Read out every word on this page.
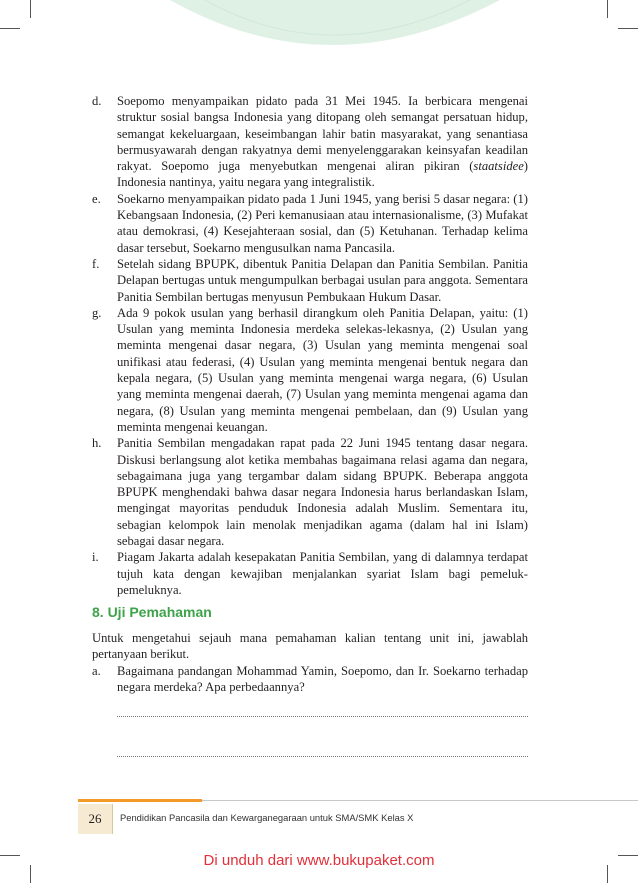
d. Soepomo menyampaikan pidato pada 31 Mei 1945. Ia berbicara mengenai struktur sosial bangsa Indonesia yang ditopang oleh semangat persatuan hidup, semangat kekeluargaan, keseimbangan lahir batin masyarakat, yang senantiasa bermusyawarah dengan rakyatnya demi menyelenggarakan keinsyafan keadilan rakyat. Soepomo juga menyebutkan mengenai aliran pikiran (staatsidee) Indonesia nantinya, yaitu negara yang integralistik.
e. Soekarno menyampaikan pidato pada 1 Juni 1945, yang berisi 5 dasar negara: (1) Kebangsaan Indonesia, (2) Peri kemanusiaan atau internasionalisme, (3) Mufakat atau demokrasi, (4) Kesejahteraan sosial, dan (5) Ketuhanan. Terhadap kelima dasar tersebut, Soekarno mengusulkan nama Pancasila.
f. Setelah sidang BPUPK, dibentuk Panitia Delapan dan Panitia Sembilan. Panitia Delapan bertugas untuk mengumpulkan berbagai usulan para anggota. Sementara Panitia Sembilan bertugas menyusun Pembukaan Hukum Dasar.
g. Ada 9 pokok usulan yang berhasil dirangkum oleh Panitia Delapan, yaitu: (1) Usulan yang meminta Indonesia merdeka selekas-lekasnya, (2) Usulan yang meminta mengenai dasar negara, (3) Usulan yang meminta mengenai soal unifikasi atau federasi, (4) Usulan yang meminta mengenai bentuk negara dan kepala negara, (5) Usulan yang meminta mengenai warga negara, (6) Usulan yang meminta mengenai daerah, (7) Usulan yang meminta mengenai agama dan negara, (8) Usulan yang meminta mengenai pembelaan, dan (9) Usulan yang meminta mengenai keuangan.
h. Panitia Sembilan mengadakan rapat pada 22 Juni 1945 tentang dasar negara. Diskusi berlangsung alot ketika membahas bagaimana relasi agama dan negara, sebagaimana juga yang tergambar dalam sidang BPUPK. Beberapa anggota BPUPK menghendaki bahwa dasar negara Indonesia harus berlandaskan Islam, mengingat mayoritas penduduk Indonesia adalah Muslim. Sementara itu, sebagian kelompok lain menolak menjadikan agama (dalam hal ini Islam) sebagai dasar negara.
i. Piagam Jakarta adalah kesepakatan Panitia Sembilan, yang di dalamnya terdapat tujuh kata dengan kewajiban menjalankan syariat Islam bagi pemeluk- pemeluknya.
8. Uji Pemahaman
Untuk mengetahui sejauh mana pemahaman kalian tentang unit ini, jawablah pertanyaan berikut.
a. Bagaimana pandangan Mohammad Yamin, Soepomo, dan Ir. Soekarno terhadap negara merdeka? Apa perbedaannya?
26	Pendidikan Pancasila dan Kewarganegaraan untuk SMA/SMK Kelas X
Di unduh dari www.bukupaket.com
